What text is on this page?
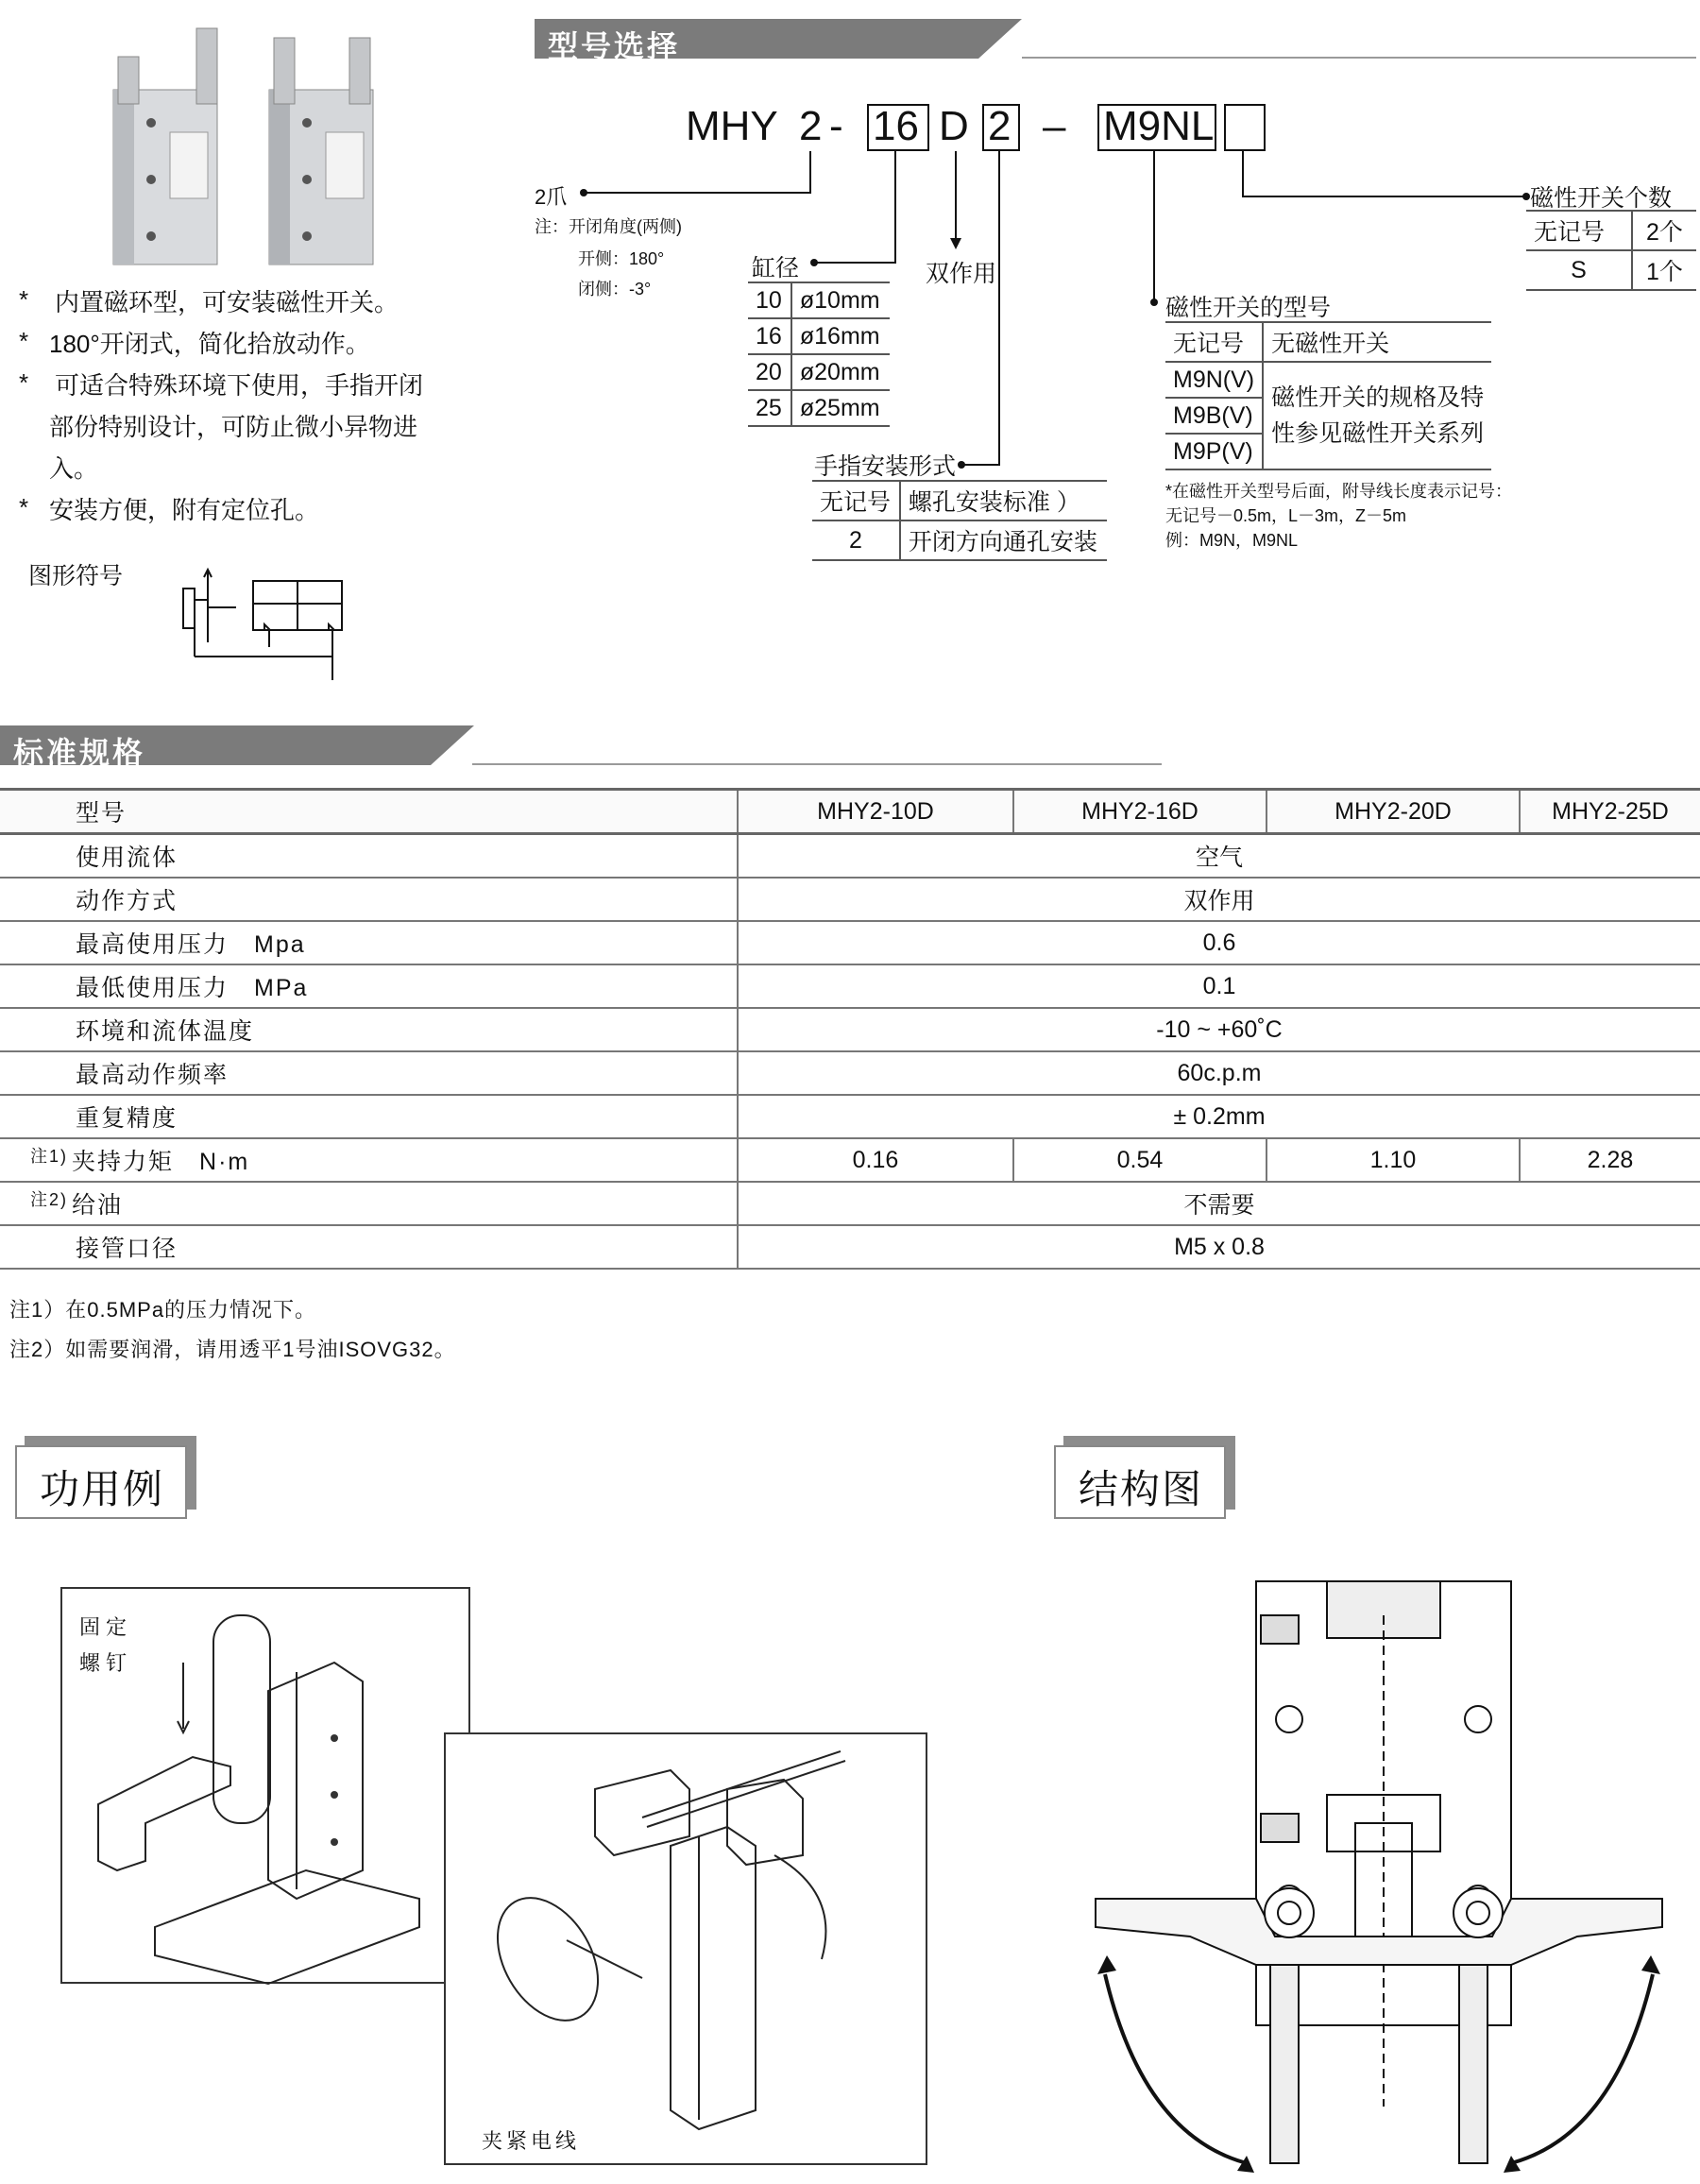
* 内置磁环型，可安装磁性开关。
* 180°开闭式，简化拾放动作。
* 可适合特殊环境下使用，手指开闭
部份特别设计，可防止微小异物进
入。
* 安装方便，附有定位孔。
图形符号
型号选择
MHY 2 - 16 D 2 – M9NL
2爪
注：开闭角度(两侧)
开侧：180°
闭侧：-3°
缸径
10	ø10mm
16	ø16mm
20	ø20mm
25	ø25mm
双作用
手指安装形式
无记号	螺孔安装标准 ）
2	开闭方向通孔安装
磁性开关的型号
无记号	无磁性开关
M9N(V)	磁性开关的规格及特
性参见磁性开关系列

M9B(V)	
M9P(V)	
*在磁性开关型号后面，附导线长度表示记号：
无记号－0.5m，L－3m，Z－5m
例：M9N，M9NL
磁性开关个数
无记号	2个
S	1个
标准规格
型号	MHY2-10D	MHY2-16D	MHY2-20D	MHY2-25D
使用流体	空气			
动作方式	双作用			
最高使用压力　Mpa	0.6			
最低使用压力　MPa	0.1			
环境和流体温度	-10 ~ +60˚C			
最高动作频率	60c.p.m			
重复精度	± 0.2mm			
$^{注1)}$ 夹持力矩　N·m	0.16	0.54	1.10	2.28
$^{注2)}$ 给油	不需要			
接管口径	M5 x 0.8			
注1）在0.5MPa的压力情况下。
注2）如需要润滑，请用透平1号油ISOVG32。
功用例
固定
螺钉
夹紧电线
结构图
